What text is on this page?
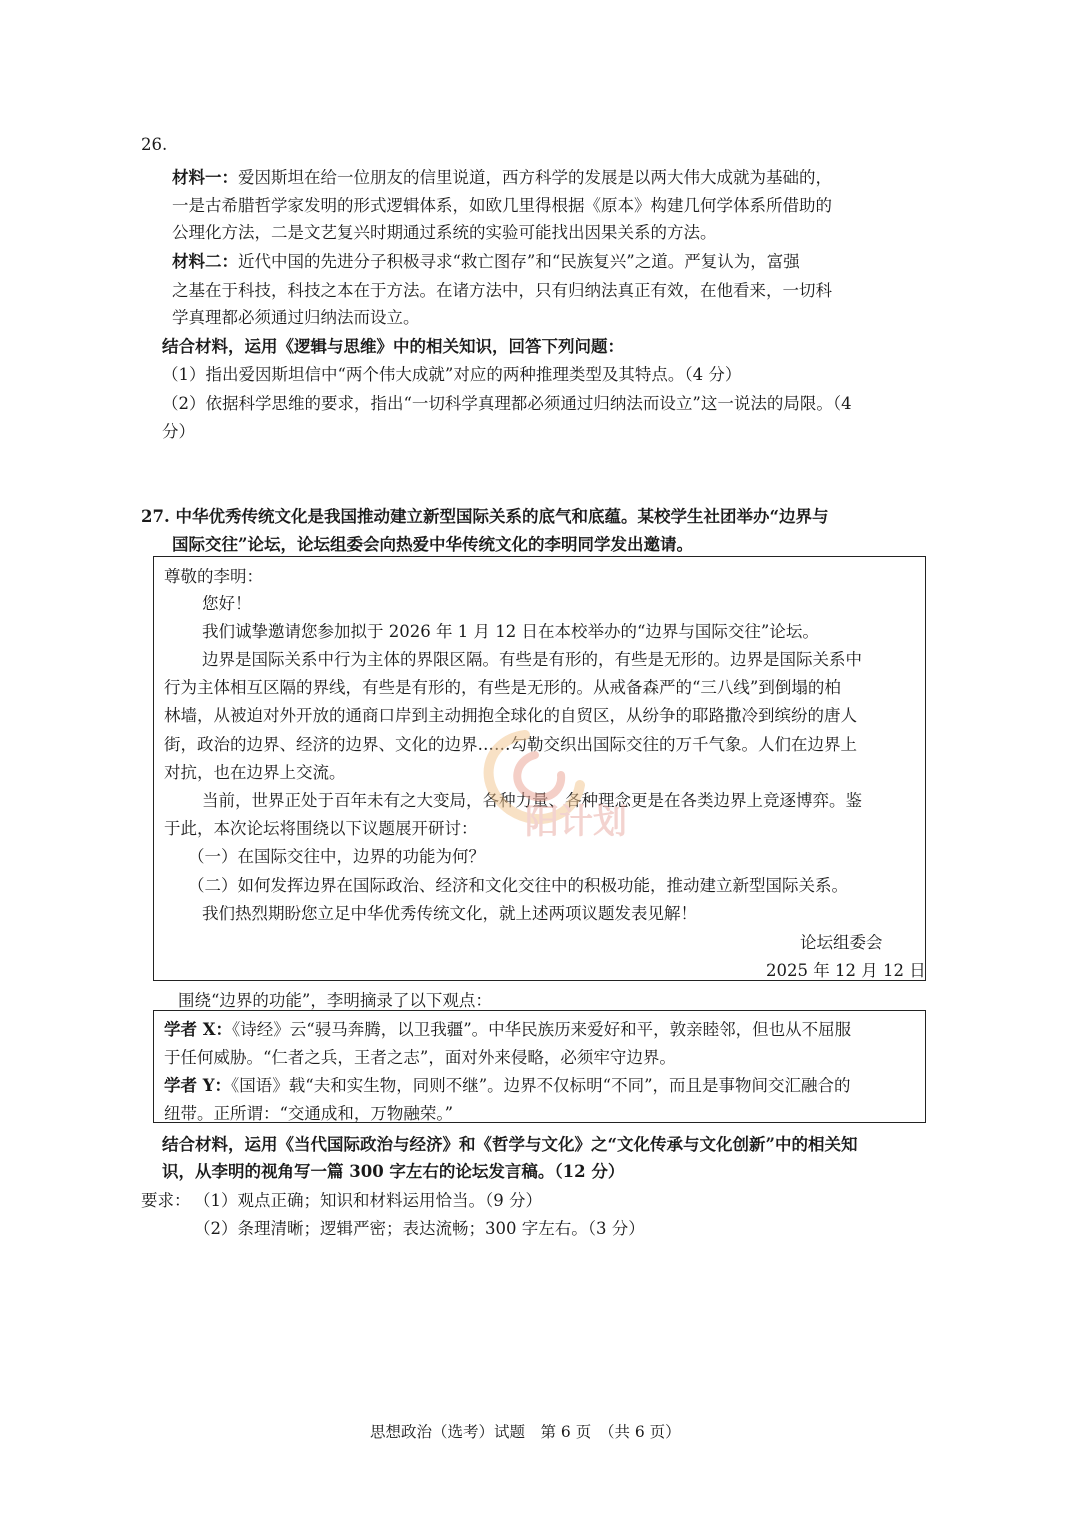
26.
材料一：爱因斯坦在给一位朋友的信里说道，西方科学的发展是以两大伟大成就为基础的，
一是古希腊哲学家发明的形式逻辑体系，如欧几里得根据《原本》构建几何学体系所借助的
公理化方法，二是文艺复兴时期通过系统的实验可能找出因果关系的方法。
材料二：近代中国的先进分子积极寻求“救亡图存”和“民族复兴”之道。严复认为，富强
之基在于科技，科技之本在于方法。在诸方法中，只有归纳法真正有效，在他看来，一切科
学真理都必须通过归纳法而设立。
结合材料，运用《逻辑与思维》中的相关知识，回答下列问题：
（1）指出爱因斯坦信中“两个伟大成就”对应的两种推理类型及其特点。（4 分）
（2）依据科学思维的要求，指出“一切科学真理都必须通过归纳法而设立”这一说法的局限。（4
分）
27. 中华优秀传统文化是我国推动建立新型国际关系的底气和底蕴。某校学生社团举办“边界与
国际交往”论坛，论坛组委会向热爱中华传统文化的李明同学发出邀请。
尊敬的李明：
您好！
我们诚挚邀请您参加拟于 2026 年 1 月 12 日在本校举办的“边界与国际交往”论坛。
边界是国际关系中行为主体的界限区隔。有些是有形的，有些是无形的。边界是国际关系中
行为主体相互区隔的界线，有些是有形的，有些是无形的。从戒备森严的“三八线”到倒塌的柏
林墙，从被迫对外开放的通商口岸到主动拥抱全球化的自贸区，从纷争的耶路撒冷到缤纷的唐人
街，政治的边界、经济的边界、文化的边界……勾勒交织出国际交往的万千气象。人们在边界上
对抗，也在边界上交流。
当前，世界正处于百年未有之大变局，各种力量、各种理念更是在各类边界上竞逐博弈。鉴
于此，本次论坛将围绕以下议题展开研讨：
（一）在国际交往中，边界的功能为何？
（二）如何发挥边界在国际政治、经济和文化交往中的积极功能，推动建立新型国际关系。
我们热烈期盼您立足中华优秀传统文化，就上述两项议题发表见解！
论坛组委会
2025 年 12 月 12 日
阳计划
围绕“边界的功能”，李明摘录了以下观点：
学者 X：《诗经》云“骎马奔腾，以卫我疆”。中华民族历来爱好和平，敦亲睦邻，但也从不屈服
于任何威胁。“仁者之兵，王者之志”，面对外来侵略，必须牢守边界。
学者 Y：《国语》载“夫和实生物，同则不继”。边界不仅标明“不同”，而且是事物间交汇融合的
纽带。正所谓：“交通成和，万物融荣。”
结合材料，运用《当代国际政治与经济》和《哲学与文化》之“文化传承与文化创新”中的相关知
识，从李明的视角写一篇 300 字左右的论坛发言稿。（12 分）
要求： （1）观点正确；知识和材料运用恰当。（9 分）
（2）条理清晰；逻辑严密；表达流畅；300 字左右。（3 分）
思想政治（选考）试题　第 6 页　（共 6 页）
